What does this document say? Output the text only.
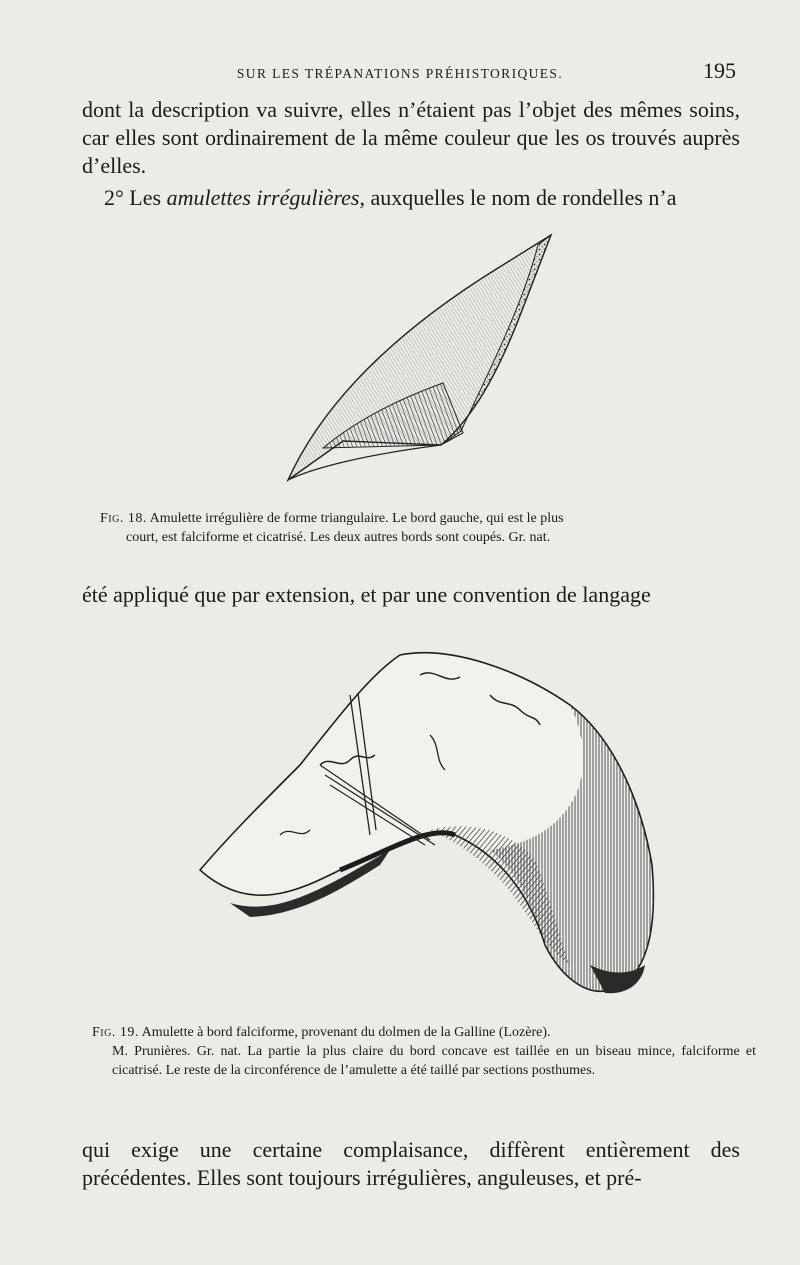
SUR LES TRÉPANATIONS PRÉHISTORIQUES.	195
dont la description va suivre, elles n’étaient pas l’objet des mêmes soins, car elles sont ordinairement de la même couleur que les os trouvés auprès d’elles.
2° Les amulettes irrégulières, auxquelles le nom de rondelles n’a
Fig. 18. Amulette irrégulière de forme triangulaire. Le bord gauche, qui est le plus
court, est falciforme et cicatrisé. Les deux autres bords sont coupés. Gr. nat.
été appliqué que par extension, et par une convention de langage
Fig. 19. Amulette à bord falciforme, provenant du dolmen de la Galline (Lozère).
M. Prunières. Gr. nat. La partie la plus claire du bord concave est taillée en un biseau mince, falciforme et cicatrisé. Le reste de la circonférence de l’amulette a été taillé par sections posthumes.
qui exige une certaine complaisance, diffèrent entièrement des précédentes. Elles sont toujours irrégulières, anguleuses, et pré-
